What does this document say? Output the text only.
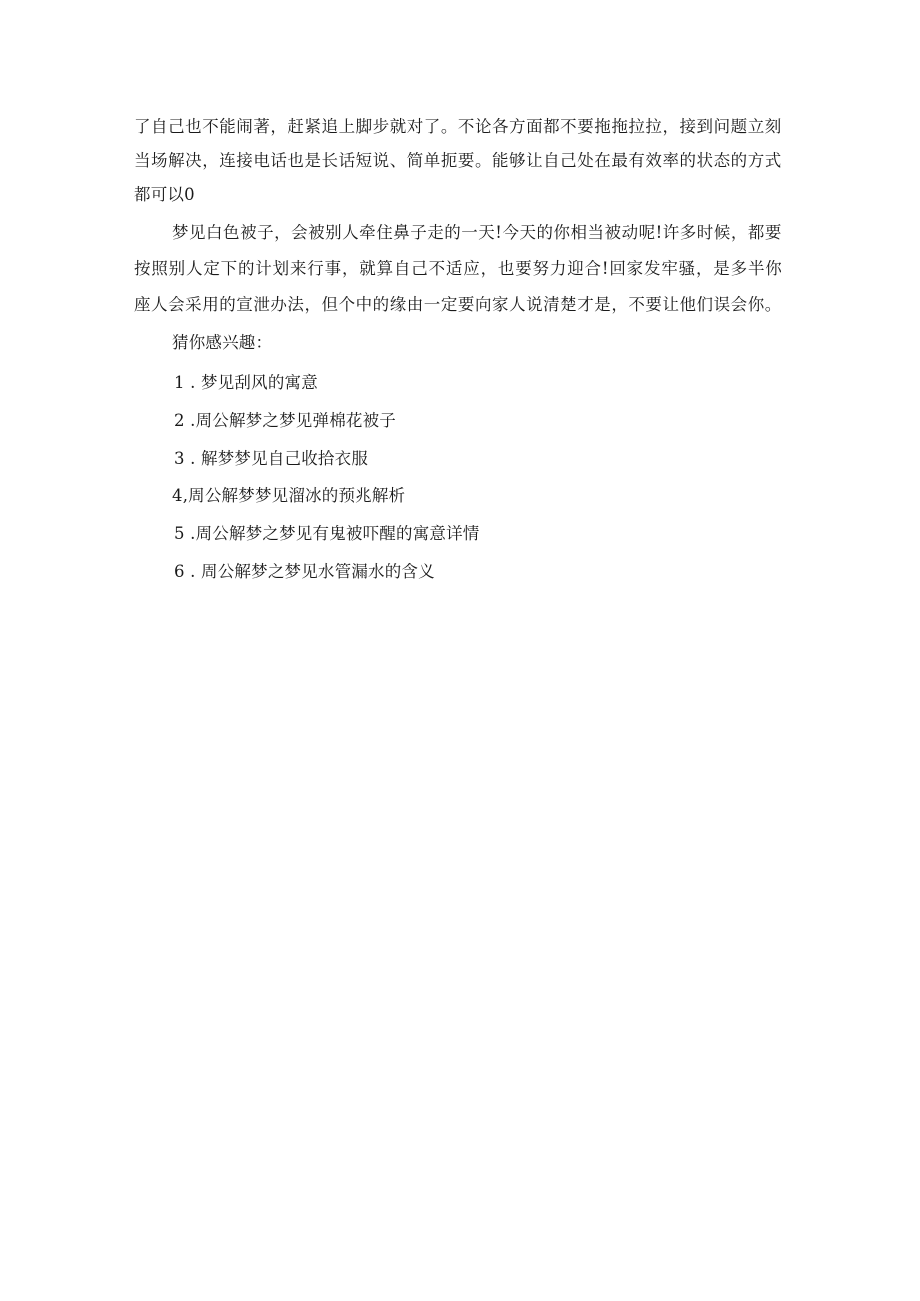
了 自 己 也 不 能 闹 著 ， 赶 紧 追 上 脚 步 就 对 了 。 不 论 各 方 面 都 不 要 拖 拖 拉 拉 ， 接 到 问 题 立 刻
当 场 解 决 ， 连 接 电 话 也 是 长 话 短 说 、 简 单 扼 要 。 能 够 让 自 己 处 在 最 有 效 率 的 状 态 的 方 式
都可以0
梦 见 白 色 被 子 ， 会 被 别 人 牵 住 鼻 子 走 的 一 天 ! 今 天 的 你 相 当 被 动 呢 ! 许 多 时 候 ， 都 要
按 照 别 人 定 下 的 计 划 来 行 事 ， 就 算 自 己 不 适 应 ， 也 要 努 力 迎 合 ! 回 家 发 牢 骚 ， 是 多 半 你
座 人 会 采 用 的 宣 泄 办 法 ， 但 个 中 的 缘 由 一 定 要 向 家 人 说 清 楚 才 是 ， 不 要 让 他 们 误 会 你 。
猜你感兴趣：
1 . 梦见刮风的寓意
2 .周公解梦之梦见弹棉花被子
3 . 解梦梦见自己收拾衣服
4,周公解梦梦见溜冰的预兆解析
5 .周公解梦之梦见有鬼被吓醒的寓意详情
6 . 周公解梦之梦见水管漏水的含义
